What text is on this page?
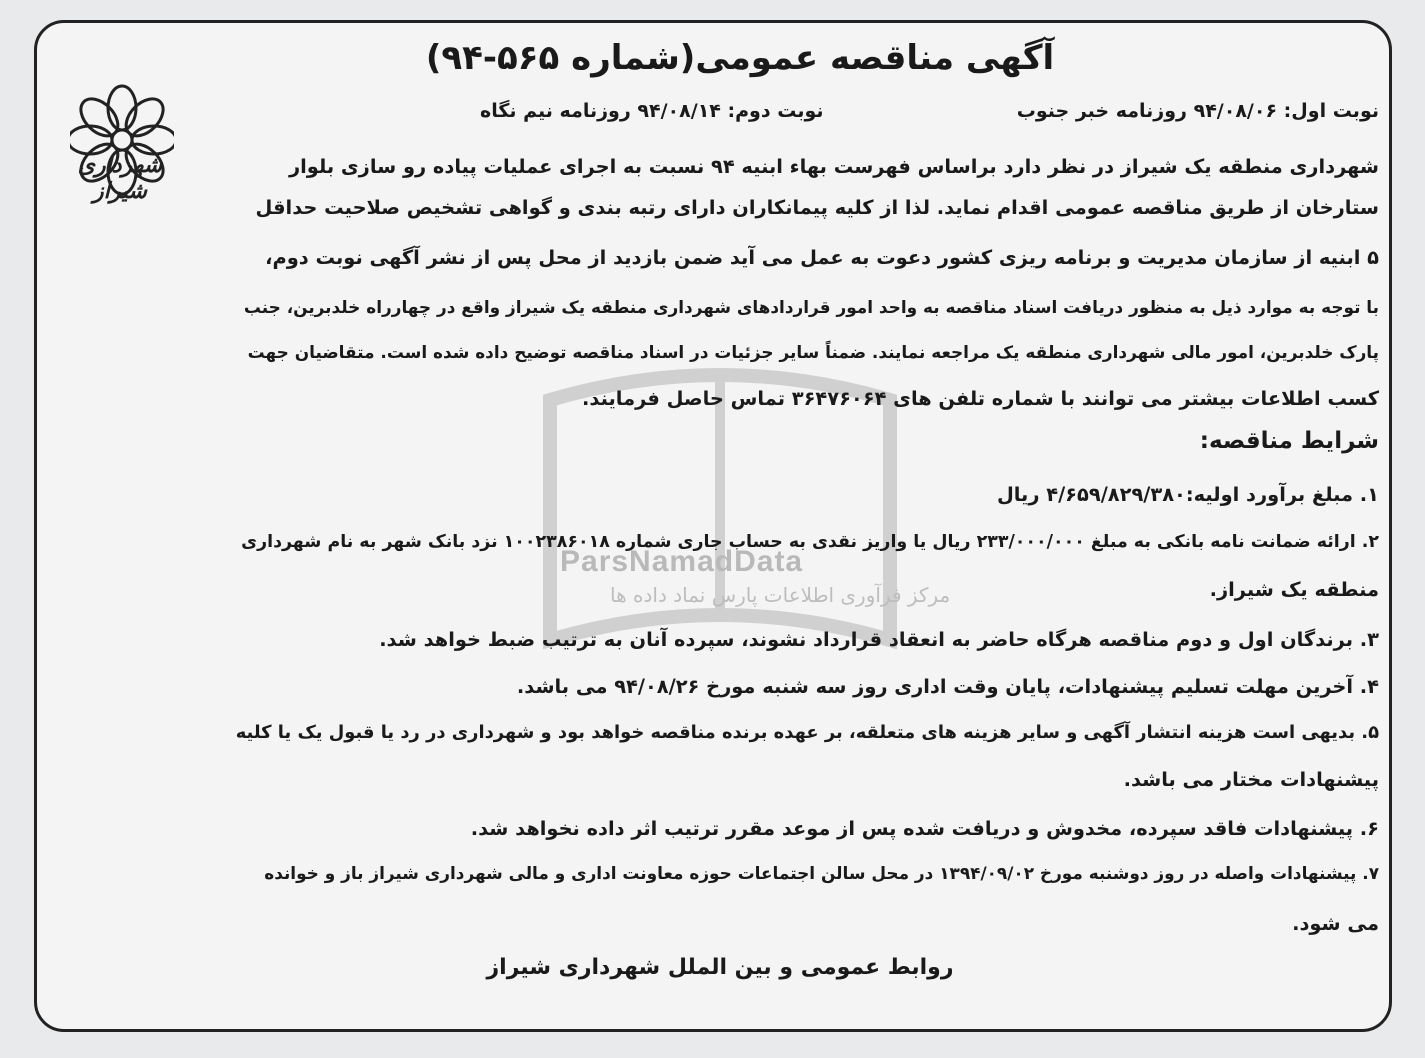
ParsNamadData
مرکز فرآوری اطلاعات پارس نماد داده ها
شهرداری شیراز
آگهی مناقصه عمومی(شماره ۵۶۵-۹۴)
نوبت اول: ۹۴/۰۸/۰۶ روزنامه خبر جنوب
نوبت دوم: ۹۴/۰۸/۱۴ روزنامه نیم نگاه
شهرداری منطقه یک شیراز در نظر دارد براساس فهرست بهاء ابنیه ۹۴ نسبت به اجرای عملیات پیاده رو سازی بلوار
ستارخان از طریق مناقصه عمومی اقدام نماید. لذا از کلیه پیمانکاران دارای رتبه بندی و گواهی تشخیص صلاحیت حداقل
۵ ابنیه از سازمان مدیریت و برنامه ریزی کشور دعوت به عمل می آید ضمن بازدید از محل پس از نشر آگهی نوبت دوم،
با توجه به موارد ذیل به منظور دریافت اسناد مناقصه به واحد امور قراردادهای شهرداری منطقه یک شیراز واقع در چهارراه خلدبرین، جنب
پارک خلدبرین، امور مالی شهرداری منطقه یک مراجعه نمایند. ضمناً سایر جزئیات در اسناد مناقصه توضیح داده شده است. متقاضیان جهت
کسب اطلاعات بیشتر می توانند با شماره تلفن های ۳۶۴۷۶۰۶۴ تماس حاصل فرمایند.
شرایط مناقصه:
۱. مبلغ برآورد اولیه:۴/۶۵۹/۸۲۹/۳۸۰ ریال
۲. ارائه ضمانت نامه بانکی به مبلغ ۲۳۳/۰۰۰/۰۰۰ ریال یا واریز نقدی به حساب جاری شماره ۱۰۰۲۳۸۶۰۱۸ نزد بانک شهر به نام شهرداری
منطقه یک شیراز.
۳. برندگان اول و دوم مناقصه هرگاه حاضر به انعقاد قرارداد نشوند، سپرده آنان به ترتیب ضبط خواهد شد.
۴. آخرین مهلت تسلیم پیشنهادات، پایان وقت اداری روز سه شنبه مورخ ۹۴/۰۸/۲۶ می باشد.
۵. بدیهی است هزینه انتشار آگهی و سایر هزینه های متعلقه، بر عهده برنده مناقصه خواهد بود و شهرداری در رد یا قبول یک یا کلیه
پیشنهادات مختار می باشد.
۶. پیشنهادات فاقد سپرده، مخدوش و دریافت شده پس از موعد مقرر ترتیب اثر داده نخواهد شد.
۷. پیشنهادات واصله در روز دوشنبه مورخ ۱۳۹۴/۰۹/۰۲ در محل سالن اجتماعات حوزه معاونت اداری و مالی شهرداری شیراز باز و خوانده
می شود.
روابط عمومی و بین الملل شهرداری شیراز
